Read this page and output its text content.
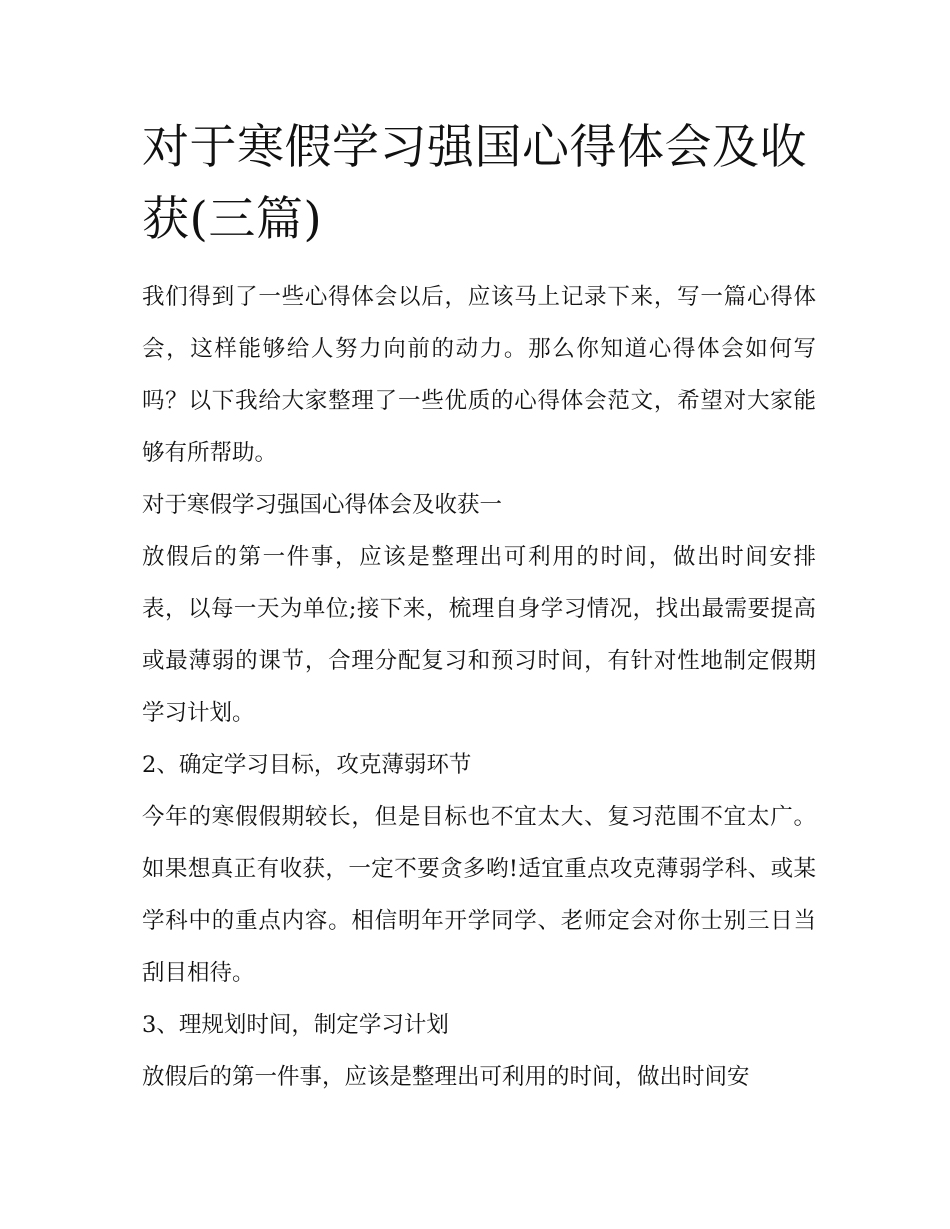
对于寒假学习强国心得体会及收获(三篇)

我们得到了一些心得体会以后，应该马上记录下来，写一篇心得体会，这样能够给人努力向前的动力。那么你知道心得体会如何写吗？以下我给大家整理了一些优质的心得体会范文，希望对大家能够有所帮助。

对于寒假学习强国心得体会及收获一

放假后的第一件事，应该是整理出可利用的时间，做出时间安排表，以每一天为单位;接下来，梳理自身学习情况，找出最需要提高或最薄弱的课节，合理分配复习和预习时间，有针对性地制定假期学习计划。

2、确定学习目标，攻克薄弱环节

今年的寒假假期较长，但是目标也不宜太大、复习范围不宜太广。如果想真正有收获，一定不要贪多哟!适宜重点攻克薄弱学科、或某学科中的重点内容。相信明年开学同学、老师定会对你士别三日当刮目相待。

3、理规划时间，制定学习计划

放假后的第一件事，应该是整理出可利用的时间，做出时间安
